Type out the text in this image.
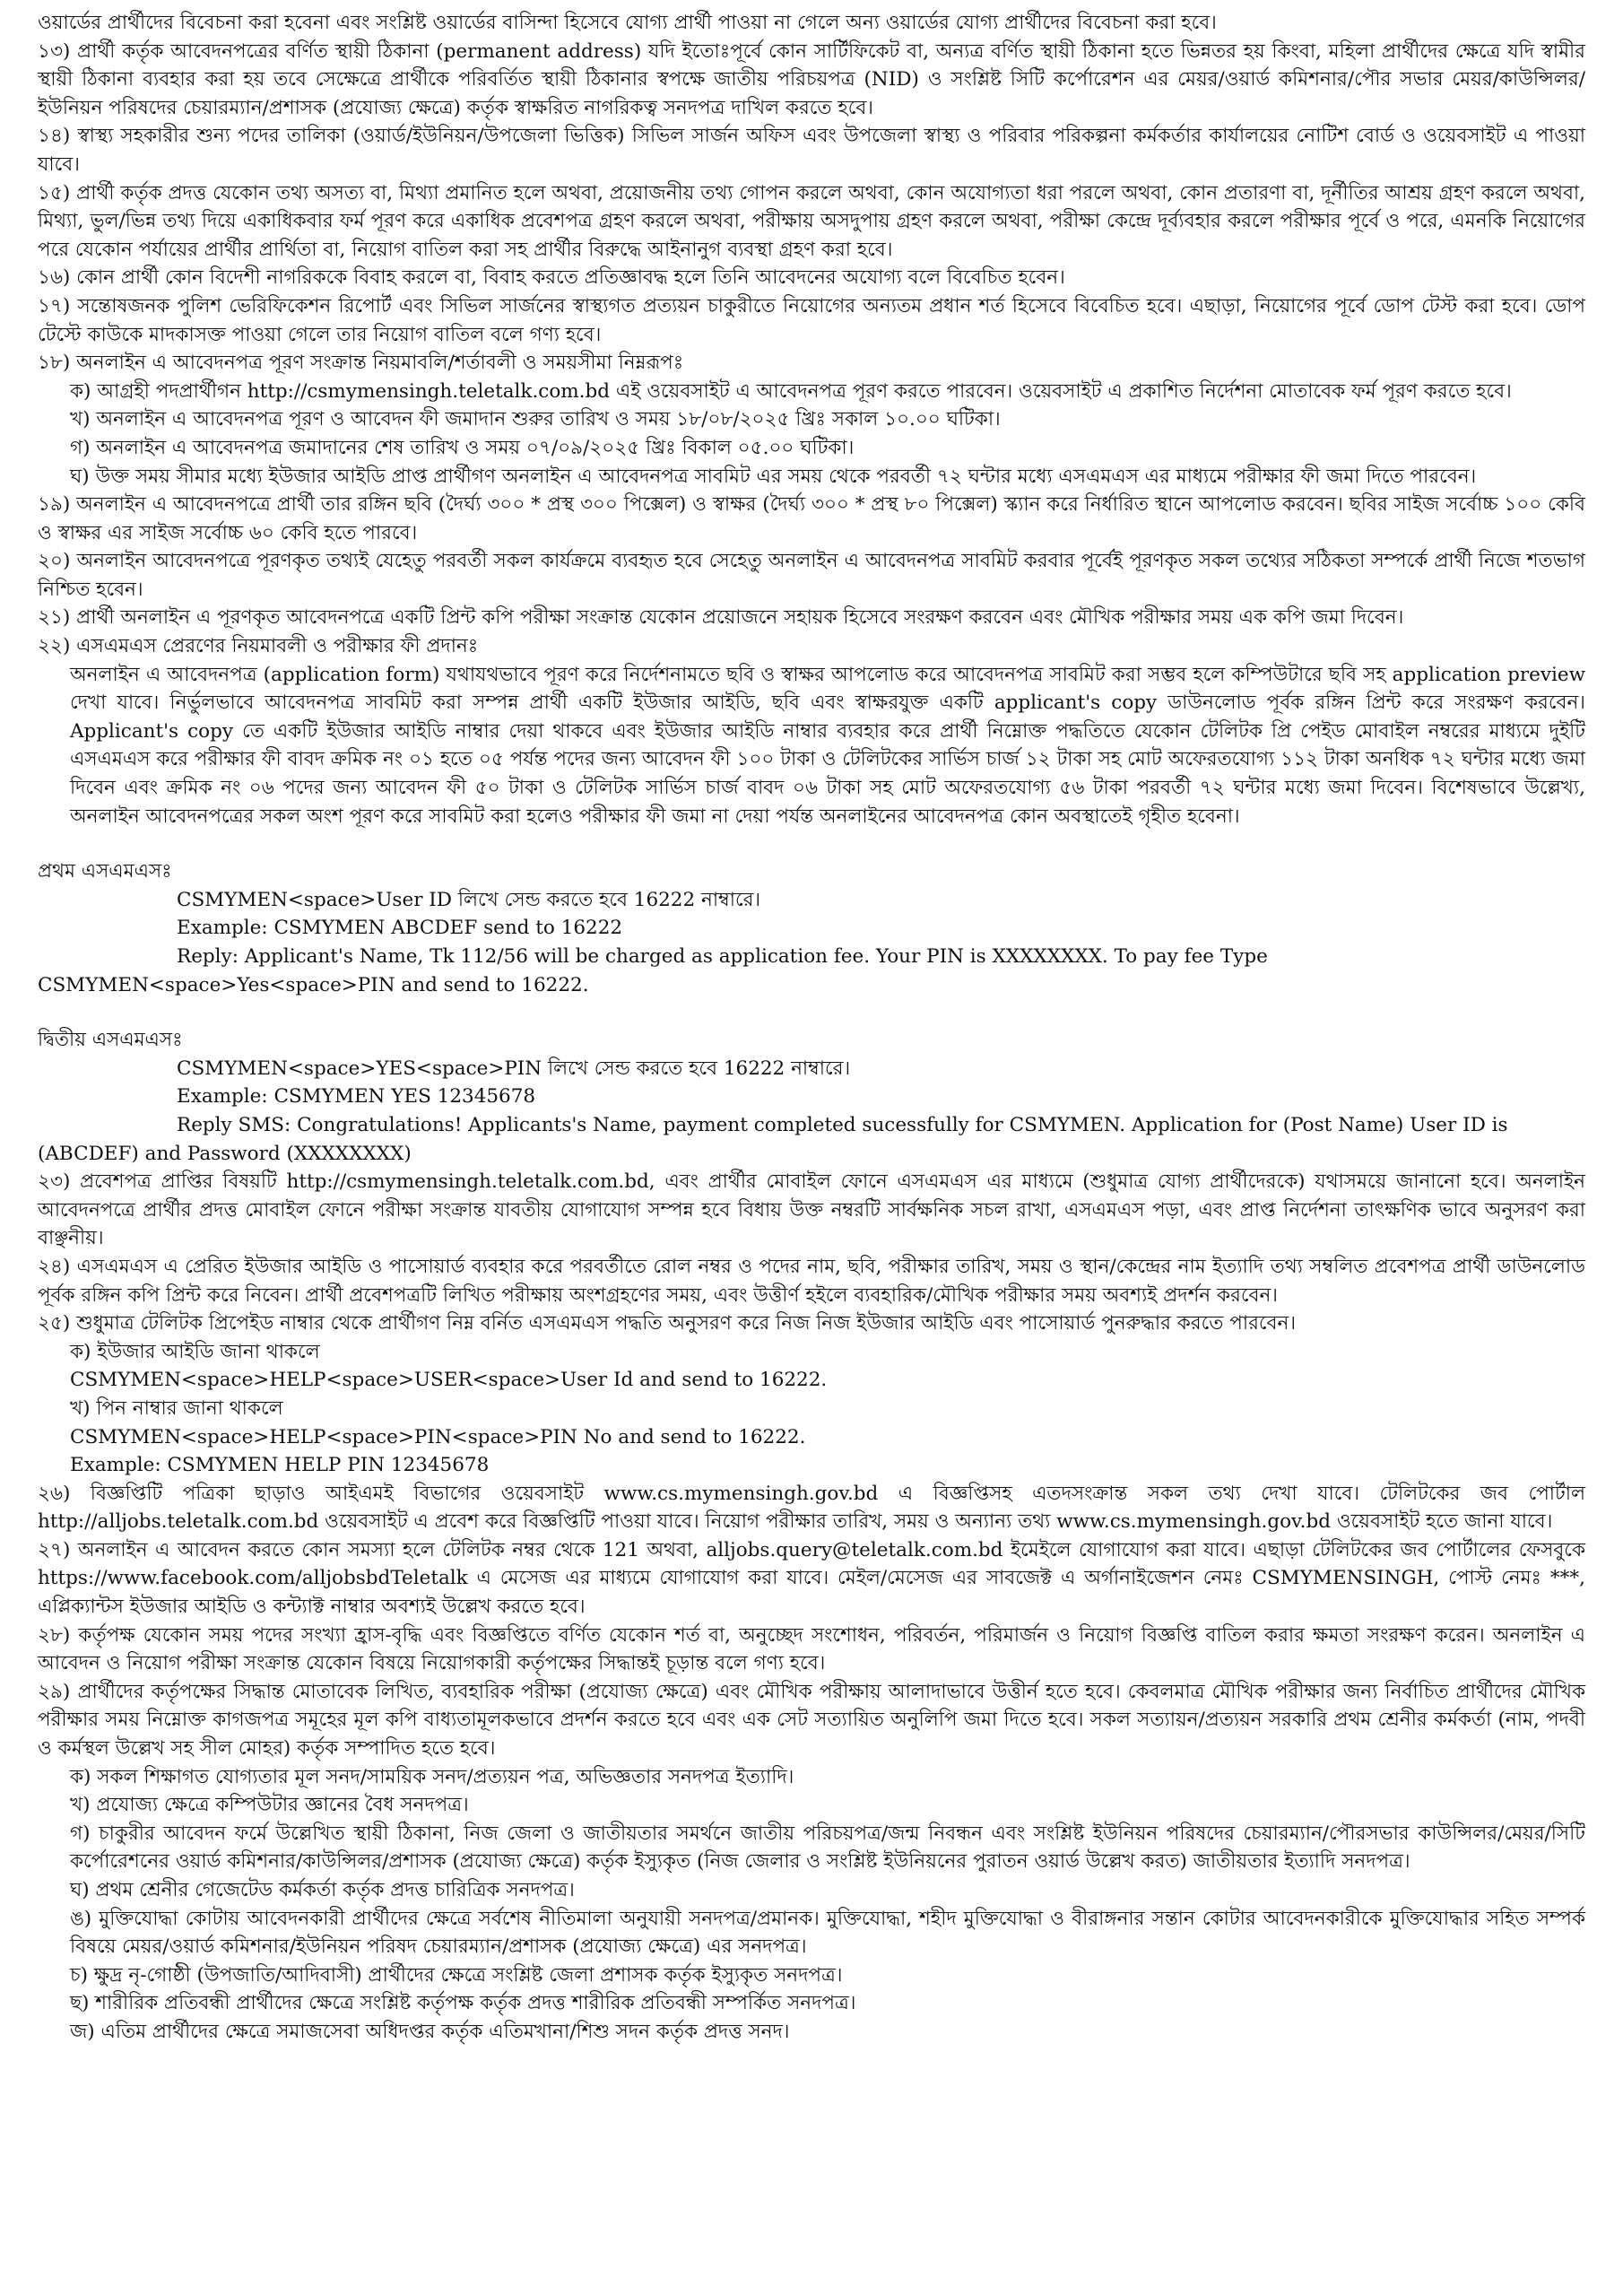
ওয়ার্ডের প্রার্থীদের বিবেচনা করা হবেনা এবং সংশ্লিষ্ট ওয়ার্ডের বাসিন্দা হিসেবে যোগ্য প্রার্থী পাওয়া না গেলে অন্য ওয়ার্ডের যোগ্য প্রার্থীদের বিবেচনা করা হবে।

১৩) প্রার্থী কর্তৃক আবেদনপত্রের বর্ণিত স্থায়ী ঠিকানা (permanent address) যদি ইতোঃপূর্বে কোন সার্টিফিকেট বা, অন্যত্র বর্ণিত স্থায়ী ঠিকানা হতে ভিন্নতর হয় কিংবা, মহিলা প্রার্থীদের ক্ষেত্রে যদি স্বামীর স্থায়ী ঠিকানা ব্যবহার করা হয় তবে সেক্ষেত্রে প্রার্থীকে পরিবর্তিত স্থায়ী ঠিকানার স্বপক্ষে জাতীয় পরিচয়পত্র (NID) ও সংশ্লিষ্ট সিটি কর্পোরেশন এর মেয়র/ওয়ার্ড কমিশনার/পৌর সভার মেয়র/কাউন্সিলর/ইউনিয়ন পরিষদের চেয়ারম্যান/প্রশাসক (প্রযোজ্য ক্ষেত্রে) কর্তৃক স্বাক্ষরিত নাগরিকত্ব সনদপত্র দাখিল করতে হবে।

১৪) স্বাস্থ্য সহকারীর শুন্য পদের তালিকা (ওয়ার্ড/ইউনিয়ন/উপজেলা ভিত্তিক) সিভিল সার্জন অফিস এবং উপজেলা স্বাস্থ্য ও পরিবার পরিকল্পনা কর্মকর্তার কার্যালয়ের নোটিশ বোর্ড ও ওয়েবসাইট এ পাওয়া যাবে।

১৫) প্রার্থী কর্তৃক প্রদত্ত যেকোন তথ্য অসত্য বা, মিথ্যা প্রমানিত হলে অথবা, প্রয়োজনীয় তথ্য গোপন করলে অথবা, কোন অযোগ্যতা ধরা পরলে অথবা, কোন প্রতারণা বা, দূর্নীতির আশ্রয় গ্রহণ করলে অথবা, মিথ্যা, ভুল/ভিন্ন তথ্য দিয়ে একাধিকবার ফর্ম পূরণ করে একাধিক প্রবেশপত্র গ্রহণ করলে অথবা, পরীক্ষায় অসদুপায় গ্রহণ করলে অথবা, পরীক্ষা কেন্দ্রে দূর্ব্যবহার করলে পরীক্ষার পূর্বে ও পরে, এমনকি নিয়োগের পরে যেকোন পর্যায়ের প্রার্থীর প্রার্থিতা বা, নিয়োগ বাতিল করা সহ প্রার্থীর বিরুদ্ধে আইনানুগ ব্যবস্থা গ্রহণ করা হবে।

১৬) কোন প্রার্থী কোন বিদেশী নাগরিককে বিবাহ করলে বা, বিবাহ করতে প্রতিজ্ঞাবদ্ধ হলে তিনি আবেদনের অযোগ্য বলে বিবেচিত হবেন।

১৭) সন্তোষজনক পুলিশ ভেরিফিকেশন রিপোর্ট এবং সিভিল সার্জনের স্বাস্থ্যগত প্রত্যয়ন চাকুরীতে নিয়োগের অন্যতম প্রধান শর্ত হিসেবে বিবেচিত হবে। এছাড়া, নিয়োগের পূর্বে ডোপ টেস্ট করা হবে। ডোপ টেস্টে কাউকে মাদকাসক্ত পাওয়া গেলে তার নিয়োগ বাতিল বলে গণ্য হবে।

১৮) অনলাইন এ আবেদনপত্র পূরণ সংক্রান্ত নিয়মাবলি/শর্তাবলী ও সময়সীমা নিম্নরূপঃ

ক) আগ্রহী পদপ্রার্থীগন http://csmymensingh.teletalk.com.bd এই ওয়েবসাইট এ আবেদনপত্র পূরণ করতে পারবেন। ওয়েবসাইট এ প্রকাশিত নির্দেশনা মোতাবেক ফর্ম পূরণ করতে হবে।

খ) অনলাইন এ আবেদনপত্র পূরণ ও আবেদন ফী জমাদান শুরুর তারিখ ও সময় ১৮/০৮/২০২৫ খ্রিঃ সকাল ১০.০০ ঘটিকা।

গ) অনলাইন এ আবেদনপত্র জমাদানের শেষ তারিখ ও সময় ০৭/০৯/২০২৫ খ্রিঃ বিকাল ০৫.০০ ঘটিকা।

ঘ) উক্ত সময় সীমার মধ্যে ইউজার আইডি প্রাপ্ত প্রার্থীগণ অনলাইন এ আবেদনপত্র সাবমিট এর সময় থেকে পরবর্তী ৭২ ঘন্টার মধ্যে এসএমএস এর মাধ্যমে পরীক্ষার ফী জমা দিতে পারবেন।

১৯) অনলাইন এ আবেদনপত্রে প্রার্থী তার রঙ্গিন ছবি (দৈর্ঘ্য ৩০০ * প্রস্থ ৩০০ পিক্সেল) ও স্বাক্ষর (দৈর্ঘ্য ৩০০ * প্রস্থ ৮০ পিক্সেল) স্ক্যান করে নির্ধারিত স্থানে আপলোড করবেন। ছবির সাইজ সর্বোচ্চ ১০০ কেবি ও স্বাক্ষর এর সাইজ সর্বোচ্চ ৬০ কেবি হতে পারবে।

২০) অনলাইন আবেদনপত্রে পূরণকৃত তথ্যই যেহেতু পরবর্তী সকল কার্যক্রমে ব্যবহৃত হবে সেহেতু অনলাইন এ আবেদনপত্র সাবমিট করবার পূর্বেই পূরণকৃত সকল তথ্যের সঠিকতা সম্পর্কে প্রার্থী নিজে শতভাগ নিশ্চিত হবেন।

২১) প্রার্থী অনলাইন এ পূরণকৃত আবেদনপত্রে একটি প্রিন্ট কপি পরীক্ষা সংক্রান্ত যেকোন প্রয়োজনে সহায়ক হিসেবে সংরক্ষণ করবেন এবং মৌখিক পরীক্ষার সময় এক কপি জমা দিবেন।

২২) এসএমএস প্রেরণের নিয়মাবলী ও পরীক্ষার ফী প্রদানঃ

অনলাইন এ আবেদনপত্র (application form) যথাযথভাবে পূরণ করে নির্দেশনামতে ছবি ও স্বাক্ষর আপলোড করে আবেদনপত্র সাবমিট করা সম্ভব হলে কম্পিউটারে ছবি সহ application preview দেখা যাবে। নির্ভুলভাবে আবেদনপত্র সাবমিট করা সম্পন্ন প্রার্থী একটি ইউজার আইডি, ছবি এবং স্বাক্ষরযুক্ত একটি applicant's copy ডাউনলোড পূর্বক রঙ্গিন প্রিন্ট করে সংরক্ষণ করবেন। Applicant's copy তে একটি ইউজার আইডি নাম্বার দেয়া থাকবে এবং ইউজার আইডি নাম্বার ব্যবহার করে প্রার্থী নিম্নোক্ত পদ্ধতিতে যেকোন টেলিটক প্রি পেইড মোবাইল নম্বরের মাধ্যমে দুইটি এসএমএস করে পরীক্ষার ফী বাবদ ক্রমিক নং ০১ হতে ০৫ পর্যন্ত পদের জন্য আবেদন ফী ১০০ টাকা ও টেলিটকের সার্ভিস চার্জ ১২ টাকা সহ মোট অফেরতযোগ্য ১১২ টাকা অনধিক ৭২ ঘন্টার মধ্যে জমা দিবেন এবং ক্রমিক নং ০৬ পদের জন্য আবেদন ফী ৫০ টাকা ও টেলিটক সার্ভিস চার্জ বাবদ ০৬ টাকা সহ মোট অফেরতযোগ্য ৫৬ টাকা পরবর্তী ৭২ ঘন্টার মধ্যে জমা দিবেন। বিশেষভাবে উল্লেখ্য, অনলাইন আবেদনপত্রের সকল অংশ পূরণ করে সাবমিট করা হলেও পরীক্ষার ফী জমা না দেয়া পর্যন্ত অনলাইনের আবেদনপত্র কোন অবস্থাতেই গৃহীত হবেনা।

প্রথম এসএমএসঃ

CSMYMEN<space>User ID লিখে সেন্ড করতে হবে 16222 নাম্বারে।

Example: CSMYMEN ABCDEF send to 16222

Reply: Applicant's Name, Tk 112/56 will be charged as application fee. Your PIN is XXXXXXXX. To pay fee Type

CSMYMEN<space>Yes<space>PIN and send to 16222.

দ্বিতীয় এসএমএসঃ

CSMYMEN<space>YES<space>PIN লিখে সেন্ড করতে হবে 16222 নাম্বারে।

Example: CSMYMEN YES 12345678

Reply SMS: Congratulations! Applicants's Name, payment completed sucessfully for CSMYMEN. Application for (Post Name) User ID is

(ABCDEF) and Password (XXXXXXXX)

২৩) প্রবেশপত্র প্রাপ্তির বিষয়টি http://csmymensingh.teletalk.com.bd, এবং প্রার্থীর মোবাইল ফোনে এসএমএস এর মাধ্যমে (শুধুমাত্র যোগ্য প্রার্থীদেরকে) যথাসময়ে জানানো হবে। অনলাইন আবেদনপত্রে প্রার্থীর প্রদত্ত মোবাইল ফোনে পরীক্ষা সংক্রান্ত যাবতীয় যোগাযোগ সম্পন্ন হবে বিধায় উক্ত নম্বরটি সার্বক্ষনিক সচল রাখা, এসএমএস পড়া, এবং প্রাপ্ত নির্দেশনা তাৎক্ষণিক ভাবে অনুসরণ করা বাঞ্ছনীয়।

২৪) এসএমএস এ প্রেরিত ইউজার আইডি ও পাসোয়ার্ড ব্যবহার করে পরবর্তীতে রোল নম্বর ও পদের নাম, ছবি, পরীক্ষার তারিখ, সময় ও স্থান/কেন্দ্রের নাম ইত্যাদি তথ্য সম্বলিত প্রবেশপত্র প্রার্থী ডাউনলোড পূর্বক রঙ্গিন কপি প্রিন্ট করে নিবেন। প্রার্থী প্রবেশপত্রটি লিখিত পরীক্ষায় অংশগ্রহণের সময়, এবং উত্তীর্ণ হইলে ব্যবহারিক/মৌখিক পরীক্ষার সময় অবশ্যই প্রদর্শন করবেন।

২৫) শুধুমাত্র টেলিটক প্রিপেইড নাম্বার থেকে প্রার্থীগণ নিম্ন বর্নিত এসএমএস পদ্ধতি অনুসরণ করে নিজ নিজ ইউজার আইডি এবং পাসোয়ার্ড পুনরুদ্ধার করতে পারবেন।

ক) ইউজার আইডি জানা থাকলে

CSMYMEN<space>HELP<space>USER<space>User Id and send to 16222.

খ) পিন নাম্বার জানা থাকলে

CSMYMEN<space>HELP<space>PIN<space>PIN No and send to 16222.

Example: CSMYMEN HELP PIN 12345678

২৬) বিজ্ঞপ্তিটি পত্রিকা ছাড়াও আইএমই বিভাগের ওয়েবসাইট www.cs.mymensingh.gov.bd এ বিজ্ঞপ্তিসহ এতদসংক্রান্ত সকল তথ্য দেখা যাবে। টেলিটকের জব পোর্টাল http://alljobs.teletalk.com.bd ওয়েবসাইট এ প্রবেশ করে বিজ্ঞপ্তিটি পাওয়া যাবে। নিয়োগ পরীক্ষার তারিখ, সময় ও অন্যান্য তথ্য www.cs.mymensingh.gov.bd ওয়েবসাইট হতে জানা যাবে।

২৭) অনলাইন এ আবেদন করতে কোন সমস্যা হলে টেলিটক নম্বর থেকে 121 অথবা, alljobs.query@teletalk.com.bd ইমেইলে যোগাযোগ করা যাবে। এছাড়া টেলিটকের জব পোর্টালের ফেসবুকে https://www.facebook.com/alljobsbdTeletalk এ মেসেজ এর মাধ্যমে যোগাযোগ করা যাবে। মেইল/মেসেজ এর সাবজেক্ট এ অর্গানাইজেশন নেমঃ CSMYMENSINGH, পোস্ট নেমঃ ***, এপ্লিক্যান্টস ইউজার আইডি ও কন্ট্যাক্ট নাম্বার অবশ্যই উল্লেখ করতে হবে।

২৮) কর্তৃপক্ষ যেকোন সময় পদের সংখ্যা হ্রাস-বৃদ্ধি এবং বিজ্ঞপ্তিতে বর্ণিত যেকোন শর্ত বা, অনুচ্ছেদ সংশোধন, পরিবর্তন, পরিমার্জন ও নিয়োগ বিজ্ঞপ্তি বাতিল করার ক্ষমতা সংরক্ষণ করেন। অনলাইন এ আবেদন ও নিয়োগ পরীক্ষা সংক্রান্ত যেকোন বিষয়ে নিয়োগকারী কর্তৃপক্ষের সিদ্ধান্তই চূড়ান্ত বলে গণ্য হবে।

২৯) প্রার্থীদের কর্তৃপক্ষের সিদ্ধান্ত মোতাবেক লিখিত, ব্যবহারিক পরীক্ষা (প্রযোজ্য ক্ষেত্রে) এবং মৌখিক পরীক্ষায় আলাদাভাবে উত্তীর্ন হতে হবে। কেবলমাত্র মৌখিক পরীক্ষার জন্য নির্বাচিত প্রার্থীদের মৌখিক পরীক্ষার সময় নিম্নোক্ত কাগজপত্র সমূহের মূল কপি বাধ্যতামূলকভাবে প্রদর্শন করতে হবে এবং এক সেট সত্যায়িত অনুলিপি জমা দিতে হবে। সকল সত্যায়ন/প্রত্যয়ন সরকারি প্রথম শ্রেনীর কর্মকর্তা (নাম, পদবী ও কর্মস্থল উল্লেখ সহ সীল মোহর) কর্তৃক সম্পাদিত হতে হবে।

ক) সকল শিক্ষাগত যোগ্যতার মূল সনদ/সাময়িক সনদ/প্রত্যয়ন পত্র, অভিজ্ঞতার সনদপত্র ইত্যাদি।

খ) প্রযোজ্য ক্ষেত্রে কম্পিউটার জ্ঞানের বৈধ সনদপত্র।

গ) চাকুরীর আবেদন ফর্মে উল্লেখিত স্থায়ী ঠিকানা, নিজ জেলা ও জাতীয়তার সমর্থনে জাতীয় পরিচয়পত্র/জন্ম নিবন্ধন এবং সংশ্লিষ্ট ইউনিয়ন পরিষদের চেয়ারম্যান/পৌরসভার কাউন্সিলর/মেয়র/সিটি কর্পোরেশনের ওয়ার্ড কমিশনার/কাউন্সিলর/প্রশাসক (প্রযোজ্য ক্ষেত্রে) কর্তৃক ইস্যুকৃত (নিজ জেলার ও সংশ্লিষ্ট ইউনিয়নের পুরাতন ওয়ার্ড উল্লেখ করত) জাতীয়তার ইত্যাদি সনদপত্র।

ঘ) প্রথম শ্রেনীর গেজেটেড কর্মকর্তা কর্তৃক প্রদত্ত চারিত্রিক সনদপত্র।

ঙ) মুক্তিযোদ্ধা কোটায় আবেদনকারী প্রার্থীদের ক্ষেত্রে সর্বশেষ নীতিমালা অনুযায়ী সনদপত্র/প্রমানক। মুক্তিযোদ্ধা, শহীদ মুক্তিযোদ্ধা ও বীরাঙ্গনার সন্তান কোটার আবেদনকারীকে মুক্তিযোদ্ধার সহিত সম্পর্ক বিষয়ে মেয়র/ওয়ার্ড কমিশনার/ইউনিয়ন পরিষদ চেয়ারম্যান/প্রশাসক (প্রযোজ্য ক্ষেত্রে) এর সনদপত্র।

চ) ক্ষুদ্র নৃ-গোষ্ঠী (উপজাতি/আদিবাসী) প্রার্থীদের ক্ষেত্রে সংশ্লিষ্ট জেলা প্রশাসক কর্তৃক ইস্যুকৃত সনদপত্র।

ছ) শারীরিক প্রতিবন্ধী প্রার্থীদের ক্ষেত্রে সংশ্লিষ্ট কর্তৃপক্ষ কর্তৃক প্রদত্ত শারীরিক প্রতিবন্ধী সম্পর্কিত সনদপত্র।

জ) এতিম প্রার্থীদের ক্ষেত্রে সমাজসেবা অধিদপ্তর কর্তৃক এতিমখানা/শিশু সদন কর্তৃক প্রদত্ত সনদ।
